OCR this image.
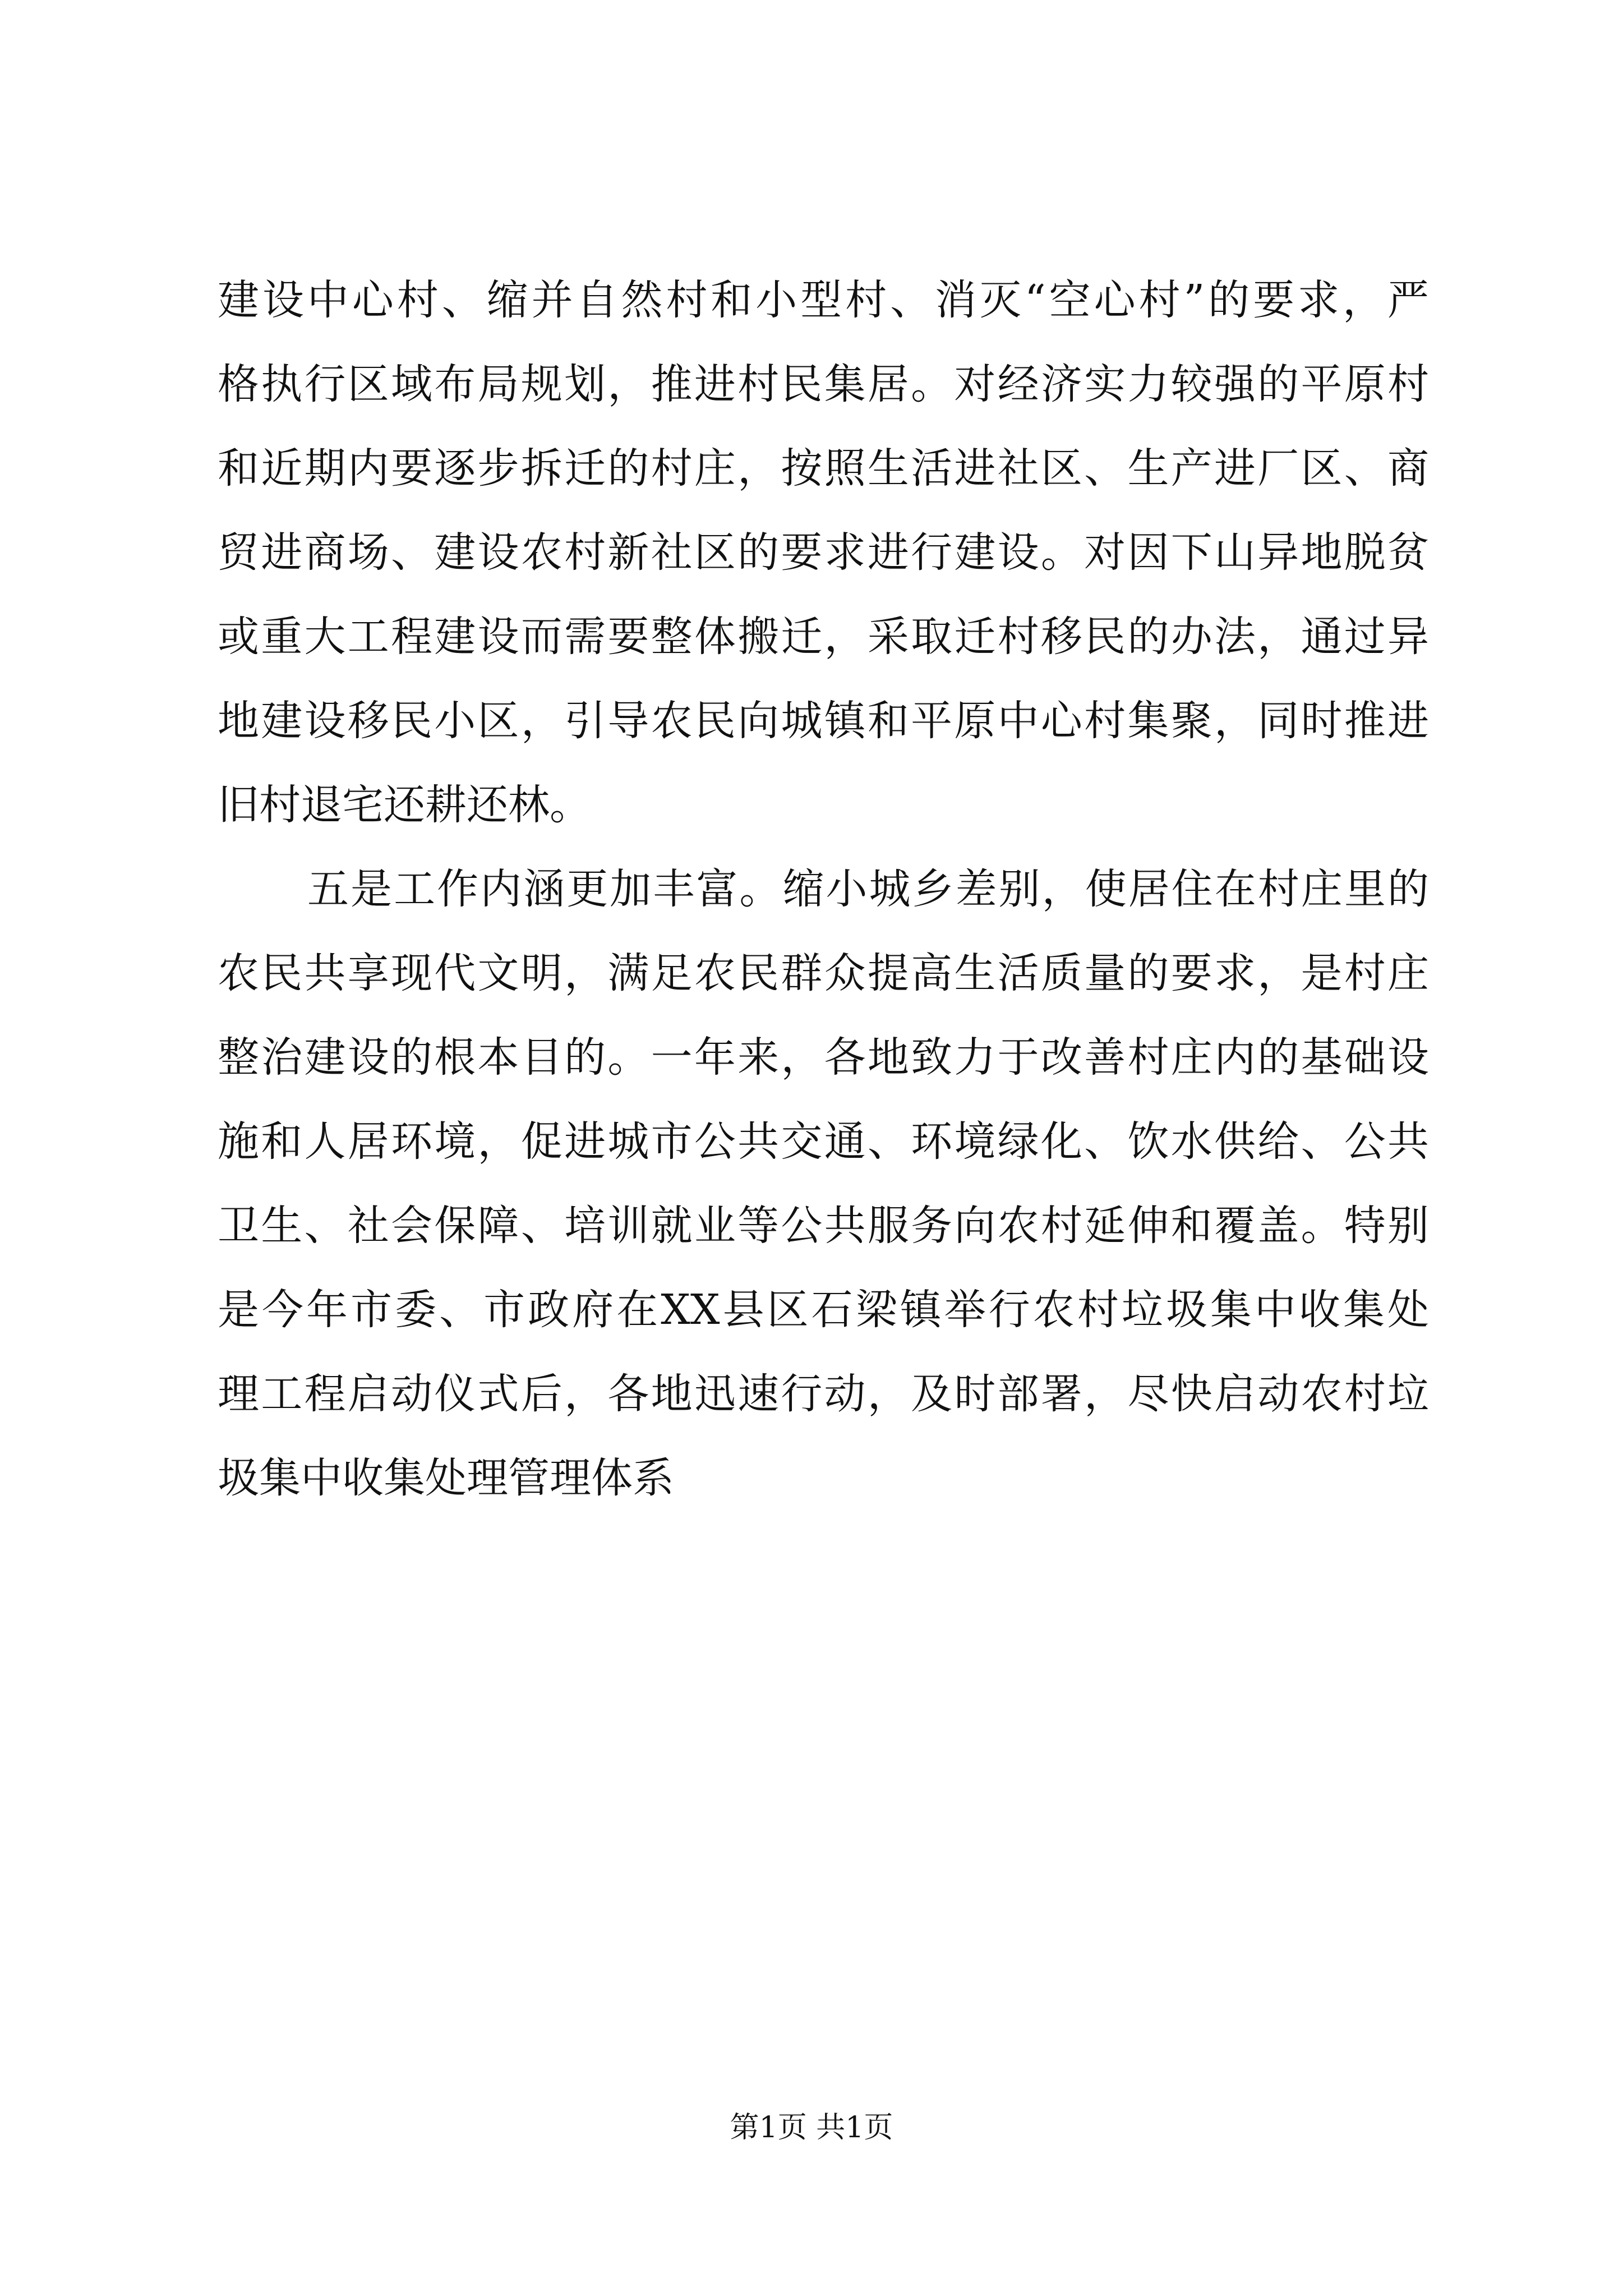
建设中心村、缩并自然村和小型村、消灭“空心村”的要求，严
格执行区域布局规划，推进村民集居。对经济实力较强的平原村
和近期内要逐步拆迁的村庄，按照生活进社区、生产进厂区、商
贸进商场、建设农村新社区的要求进行建设。对因下山异地脱贫
或重大工程建设而需要整体搬迁，采取迁村移民的办法，通过异
地建设移民小区，引导农民向城镇和平原中心村集聚，同时推进
旧村退宅还耕还林。
五是工作内涵更加丰富。缩小城乡差别，使居住在村庄里的
农民共享现代文明，满足农民群众提高生活质量的要求，是村庄
整治建设的根本目的。一年来，各地致力于改善村庄内的基础设
施和人居环境，促进城市公共交通、环境绿化、饮水供给、公共
卫生、社会保障、培训就业等公共服务向农村延伸和覆盖。特别
是今年市委、市政府在XX县区石梁镇举行农村垃圾集中收集处
理工程启动仪式后，各地迅速行动，及时部署，尽快启动农村垃
圾集中收集处理管理体系
第1页 共1页
